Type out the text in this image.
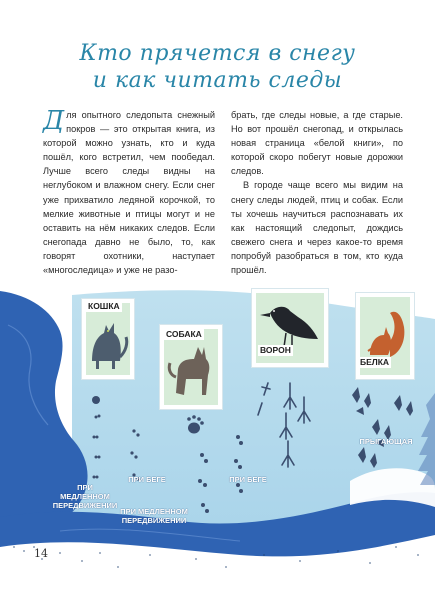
Кто прячется в снегу
и как читать следы

Для опытного следопыта снежный покров — это открытая книга, из которой можно узнать, кто и куда пошёл, кого встретил, чем пообедал. Лучше всего следы видны на неглубоком и влажном снегу. Если снег уже прихватило ледяной корочкой, то мелкие животные и птицы могут и не оставить на нём никаких следов. Если снегопада давно не было, то, как говорят охотники, наступает «многоследица» и уже не разо-

брать, где следы новые, а где старые. Но вот прошёл снегопад, и открылась новая страница «белой книги», по которой скоро побегут новые дорожки следов.

В городе чаще всего мы видим на снегу следы людей, птиц и собак. Если ты хочешь научиться распознавать их как настоящий следопыт, дождись свежего снега и через какое-то время попробуй разобраться в том, кто куда прошёл.

КОШКА
СОБАКА
ВОРОН
БЕЛКА
ПРИ МЕДЛЕННОМ ПЕРЕДВИЖЕНИИ
ПРИ БЕГЕ	ПРИ БЕГЕ
ПРИ МЕДЛЕННОМ ПЕРЕДВИЖЕНИИ
ПРЫГАЮЩАЯ
14
